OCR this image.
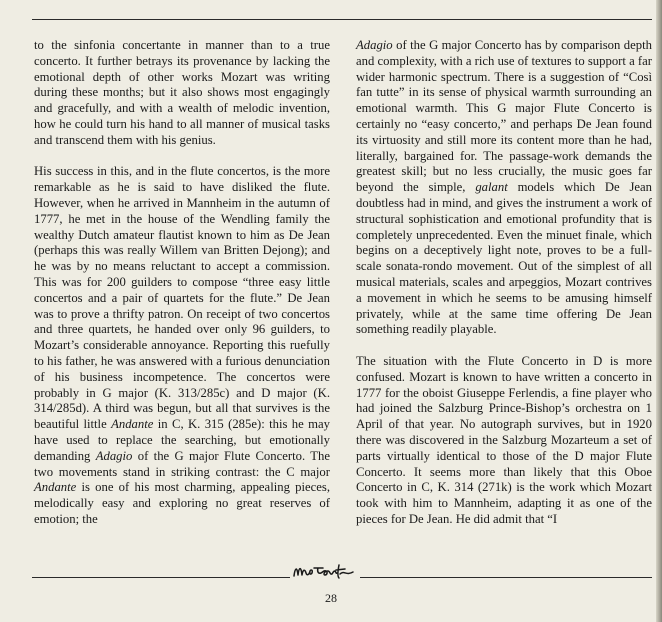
to the sinfonia concertante in manner than to a true concerto. It further betrays its provenance by lacking the emotional depth of other works Mozart was writing during these months; but it also shows most engagingly and gracefully, and with a wealth of melodic invention, how he could turn his hand to all manner of musical tasks and transcend them with his genius.

His success in this, and in the flute concertos, is the more remarkable as he is said to have disliked the flute. However, when he arrived in Mannheim in the autumn of 1777, he met in the house of the Wendling family the wealthy Dutch amateur flautist known to him as De Jean (perhaps this was really Willem van Britten Dejong); and he was by no means reluctant to accept a commission. This was for 200 guilders to compose “three easy little concertos and a pair of quartets for the flute.” De Jean was to prove a thrifty patron. On receipt of two concertos and three quartets, he handed over only 96 guilders, to Mozart’s considerable annoyance. Reporting this ruefully to his father, he was answered with a furious denunciation of his business incompetence. The concertos were probably in G major (K. 313/285c) and D major (K. 314/285d). A third was begun, but all that survives is the beautiful little Andante in C, K. 315 (285e): this he may have used to replace the searching, but emotionally demanding Adagio of the G major Flute Concerto. The two movements stand in striking contrast: the C major Andante is one of his most charming, appealing pieces, melodically easy and exploring no great reserves of emotion; the

Adagio of the G major Concerto has by comparison depth and complexity, with a rich use of textures to support a far wider harmonic spectrum. There is a suggestion of “Così fan tutte” in its sense of physical warmth surrounding an emotional warmth. This G major Flute Concerto is certainly no “easy concerto,” and perhaps De Jean found its virtuosity and still more its content more than he had, literally, bargained for. The passage-work demands the greatest skill; but no less crucially, the music goes far beyond the simple, galant models which De Jean doubtless had in mind, and gives the instrument a work of structural sophistication and emotional profundity that is completely unprecedented. Even the minuet finale, which begins on a deceptively light note, proves to be a full-scale sonata-rondo movement. Out of the simplest of all musical materials, scales and arpeggios, Mozart contrives a movement in which he seems to be amusing himself privately, while at the same time offering De Jean something readily playable.

The situation with the Flute Concerto in D is more confused. Mozart is known to have written a concerto in 1777 for the oboist Giuseppe Ferlendis, a fine player who had joined the Salzburg Prince-Bishop’s orchestra on 1 April of that year. No autograph survives, but in 1920 there was discovered in the Salzburg Mozarteum a set of parts virtually identical to those of the D major Flute Concerto. It seems more than likely that this Oboe Concerto in C, K. 314 (271k) is the work which Mozart took with him to Mannheim, adapting it as one of the pieces for De Jean. He did admit that “I

28
